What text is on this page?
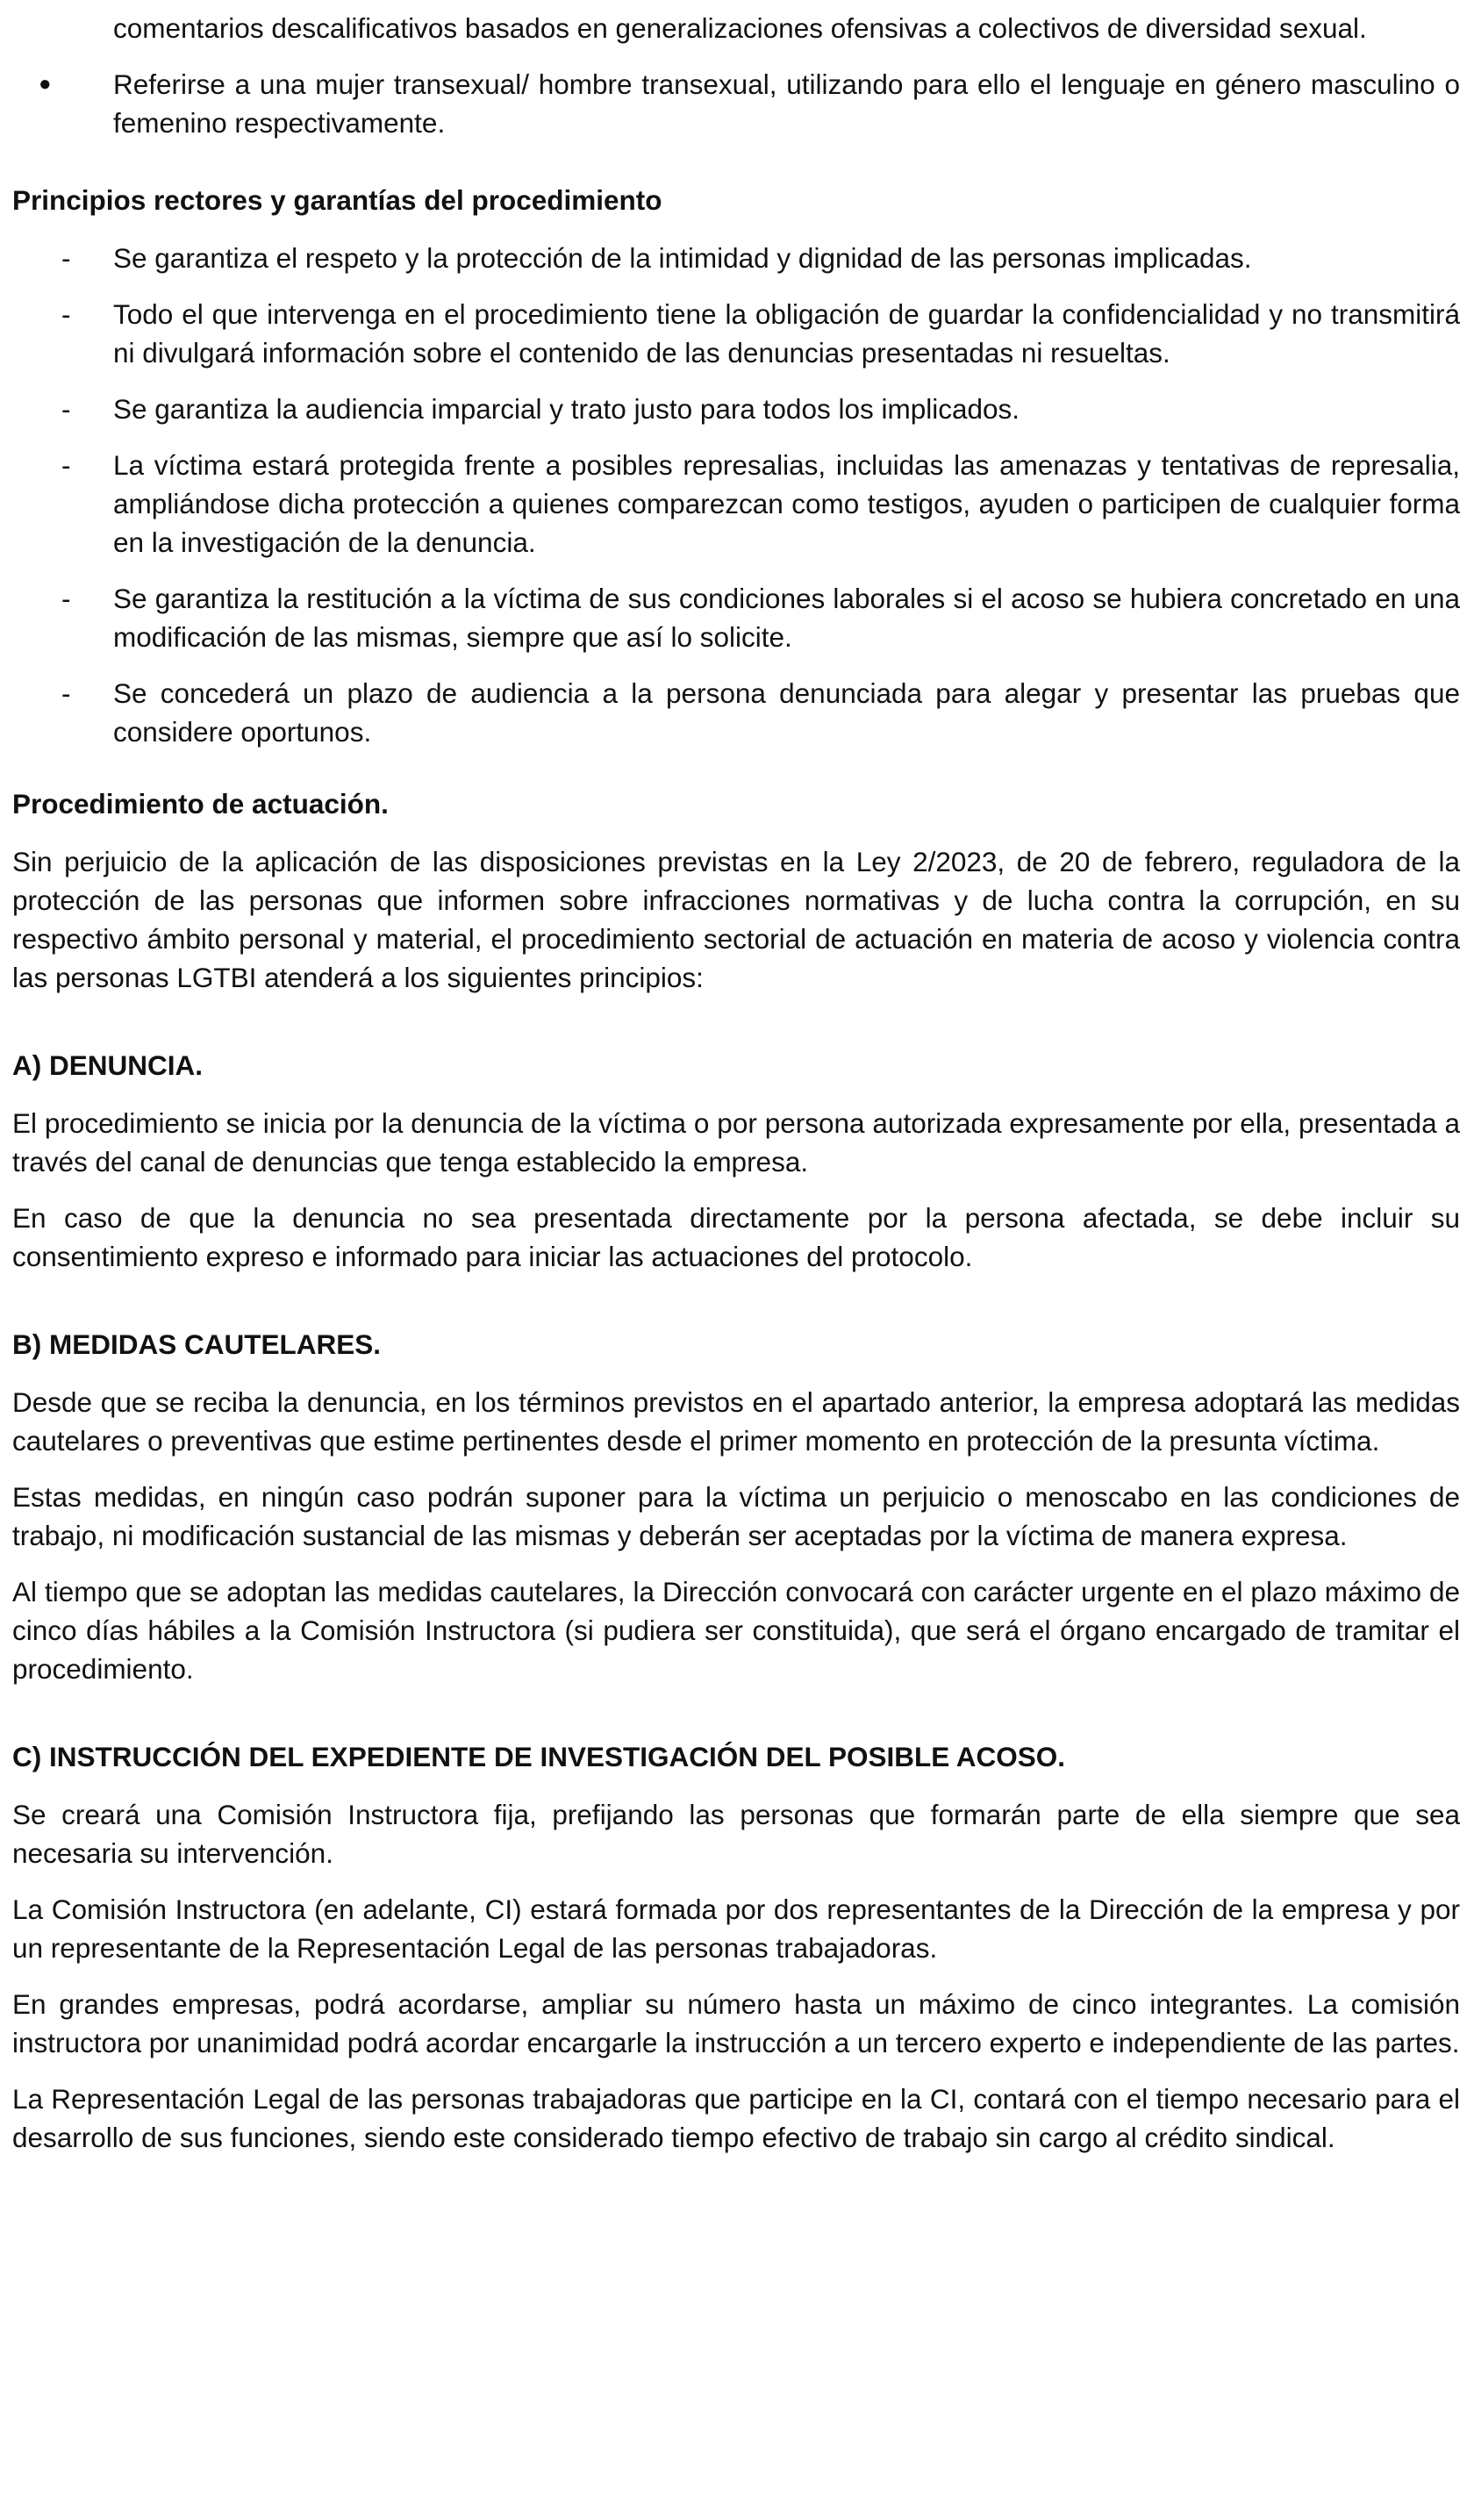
comentarios descalificativos basados en generalizaciones ofensivas a colectivos de diversidad sexual.

● Referirse a una mujer transexual/ hombre transexual, utilizando para ello el lenguaje en género masculino o femenino respectivamente.

Principios rectores y garantías del procedimiento

- Se garantiza el respeto y la protección de la intimidad y dignidad de las personas implicadas.
- Todo el que intervenga en el procedimiento tiene la obligación de guardar la confidencialidad y no transmitirá ni divulgará información sobre el contenido de las denuncias presentadas ni resueltas.
- Se garantiza la audiencia imparcial y trato justo para todos los implicados.
- La víctima estará protegida frente a posibles represalias, incluidas las amenazas y tentativas de represalia, ampliándose dicha protección a quienes comparezcan como testigos, ayuden o participen de cualquier forma en la investigación de la denuncia.
- Se garantiza la restitución a la víctima de sus condiciones laborales si el acoso se hubiera concretado en una modificación de las mismas, siempre que así lo solicite.
- Se concederá un plazo de audiencia a la persona denunciada para alegar y presentar las pruebas que considere oportunos.

Procedimiento de actuación.

Sin perjuicio de la aplicación de las disposiciones previstas en la Ley 2/2023, de 20 de febrero, reguladora de la protección de las personas que informen sobre infracciones normativas y de lucha contra la corrupción, en su respectivo ámbito personal y material, el procedimiento sectorial de actuación en materia de acoso y violencia contra las personas LGTBI atenderá a los siguientes principios:

A) DENUNCIA.

El procedimiento se inicia por la denuncia de la víctima o por persona autorizada expresamente por ella, presentada a través del canal de denuncias que tenga establecido la empresa.

En caso de que la denuncia no sea presentada directamente por la persona afectada, se debe incluir su consentimiento expreso e informado para iniciar las actuaciones del protocolo.

B) MEDIDAS CAUTELARES.

Desde que se reciba la denuncia, en los términos previstos en el apartado anterior, la empresa adoptará las medidas cautelares o preventivas que estime pertinentes desde el primer momento en protección de la presunta víctima.

Estas medidas, en ningún caso podrán suponer para la víctima un perjuicio o menoscabo en las condiciones de trabajo, ni modificación sustancial de las mismas y deberán ser aceptadas por la víctima de manera expresa.

Al tiempo que se adoptan las medidas cautelares, la Dirección convocará con carácter urgente en el plazo máximo de cinco días hábiles a la Comisión Instructora (si pudiera ser constituida), que será el órgano encargado de tramitar el procedimiento.

C) INSTRUCCIÓN DEL EXPEDIENTE DE INVESTIGACIÓN DEL POSIBLE ACOSO.

Se creará una Comisión Instructora fija, prefijando las personas que formarán parte de ella siempre que sea necesaria su intervención.

La Comisión Instructora (en adelante, CI) estará formada por dos representantes de la Dirección de la empresa y por un representante de la Representación Legal de las personas trabajadoras.

En grandes empresas, podrá acordarse, ampliar su número hasta un máximo de cinco integrantes. La comisión instructora por unanimidad podrá acordar encargarle la instrucción a un tercero experto e independiente de las partes.

La Representación Legal de las personas trabajadoras que participe en la CI, contará con el tiempo necesario para el desarrollo de sus funciones, siendo este considerado tiempo efectivo de trabajo sin cargo al crédito sindical.
